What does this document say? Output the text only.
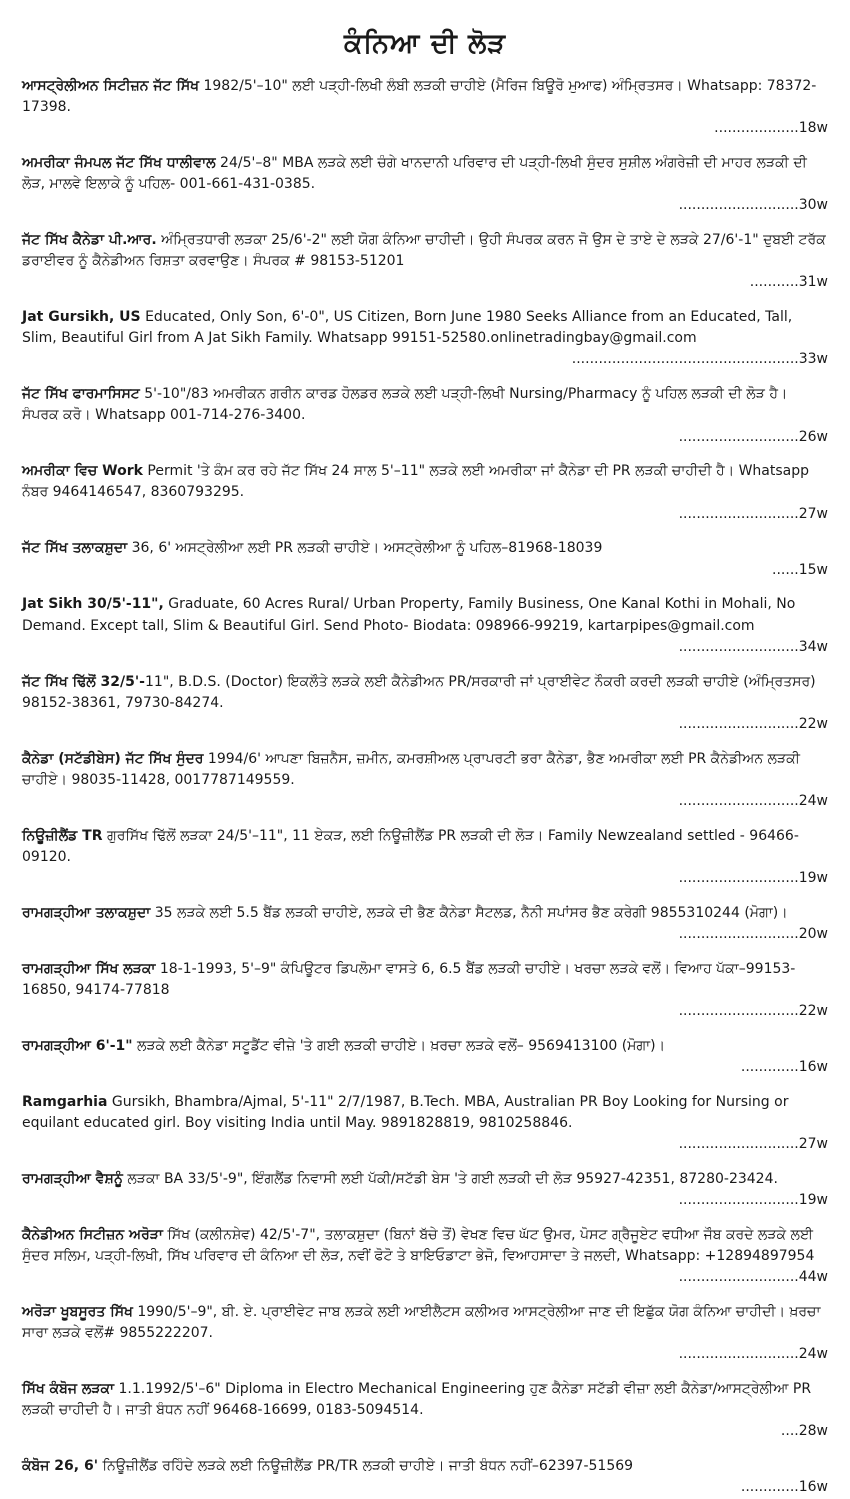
ਕੰਨਿਆ ਦੀ ਲੋੜ

ਆਸਟ੍ਰੇਲੀਅਨ ਸਿਟੀਜ਼ਨ ਜੱਟ ਸਿੱਖ 1982/5'–10" ਲਈ ਪੜ੍ਹੀ-ਲਿਖੀ ਲੰਬੀ ਲੜਕੀ ਚਾਹੀਏ (ਮੈਰਿਜ ਬਿਊਰੋ ਮੁਆਫ) ਅੰਮ੍ਰਿਤਸਰ। Whatsapp: 78372-17398.
...................18w

ਅਮਰੀਕਾ ਜੰਮਪਲ ਜੱਟ ਸਿੱਖ ਧਾਲੀਵਾਲ 24/5'–8" MBA ਲੜਕੇ ਲਈ ਚੰਗੇ ਖਾਨਦਾਨੀ ਪਰਿਵਾਰ ਦੀ ਪੜ੍ਹੀ-ਲਿਖੀ ਸੁੰਦਰ ਸੁਸ਼ੀਲ ਅੰਗਰੇਜ਼ੀ ਦੀ ਮਾਹਰ ਲੜਕੀ ਦੀ ਲੋੜ, ਮਾਲਵੇ ਇਲਾਕੇ ਨੂੰ ਪਹਿਲ- 001-661-431-0385.
...........................30w

ਜੱਟ ਸਿੱਖ ਕੈਨੇਡਾ ਪੀ.ਆਰ. ਅੰਮ੍ਰਿਤਧਾਰੀ ਲੜਕਾ 25/6'-2" ਲਈ ਯੋਗ ਕੰਨਿਆ ਚਾਹੀਦੀ। ਉਹੀ ਸੰਪਰਕ ਕਰਨ ਜੋ ਉਸ ਦੇ ਤਾਏ ਦੇ ਲੜਕੇ 27/6'-1" ਦੁਬਈ ਟਰੱਕ ਡਰਾਈਵਰ ਨੂੰ ਕੈਨੇਡੀਅਨ ਰਿਸ਼ਤਾ ਕਰਵਾਉਣ। ਸੰਪਰਕ # 98153-51201
...........31w

Jat Gursikh, US Educated, Only Son, 6'-0", US Citizen, Born June 1980 Seeks Alliance from an Educated, Tall, Slim, Beautiful Girl from A Jat Sikh Family. Whatsapp 99151-52580.onlinetradingbay@gmail.com
...................................................33w

ਜੱਟ ਸਿੱਖ ਫਾਰਮਾਸਿਸਟ 5'-10"/83 ਅਮਰੀਕਨ ਗਰੀਨ ਕਾਰਡ ਹੋਲਡਰ ਲੜਕੇ ਲਈ ਪੜ੍ਹੀ-ਲਿਖੀ Nursing/Pharmacy ਨੂੰ ਪਹਿਲ ਲੜਕੀ ਦੀ ਲੋੜ ਹੈ। ਸੰਪਰਕ ਕਰੋ। Whatsapp 001-714-276-3400.
...........................26w

ਅਮਰੀਕਾ ਵਿਚ Work Permit 'ਤੇ ਕੰਮ ਕਰ ਰਹੇ ਜੱਟ ਸਿੱਖ 24 ਸਾਲ 5'–11" ਲੜਕੇ ਲਈ ਅਮਰੀਕਾ ਜਾਂ ਕੈਨੇਡਾ ਦੀ PR ਲੜਕੀ ਚਾਹੀਦੀ ਹੈ। Whatsapp ਨੰਬਰ 9464146547, 8360793295.
...........................27w

ਜੱਟ ਸਿੱਖ ਤਲਾਕਸ਼ੁਦਾ 36, 6' ਅਸਟ੍ਰੇਲੀਆ ਲਈ PR ਲੜਕੀ ਚਾਹੀਏ। ਅਸਟ੍ਰੇਲੀਆ ਨੂੰ ਪਹਿਲ–81968-18039
......15w

Jat Sikh 30/5'-11", Graduate, 60 Acres Rural/ Urban Property, Family Business, One Kanal Kothi in Mohali, No Demand. Except tall, Slim & Beautiful Girl. Send Photo- Biodata: 098966-99219, kartarpipes@gmail.com
...........................34w

ਜੱਟ ਸਿੱਖ ਢਿੱਲੋਂ 32/5'-11", B.D.S. (Doctor) ਇਕਲੌਤੇ ਲੜਕੇ ਲਈ ਕੈਨੇਡੀਅਨ PR/ਸਰਕਾਰੀ ਜਾਂ ਪ੍ਰਾਈਵੇਟ ਨੌਕਰੀ ਕਰਦੀ ਲੜਕੀ ਚਾਹੀਏ (ਅੰਮ੍ਰਿਤਸਰ) 98152-38361, 79730-84274.
...........................22w

ਕੈਨੇਡਾ (ਸਟੱਡੀਬੇਸ) ਜੱਟ ਸਿੱਖ ਸੁੰਦਰ 1994/6' ਆਪਣਾ ਬਿਜ਼ਨੈਸ, ਜ਼ਮੀਨ, ਕਮਰਸ਼ੀਅਲ ਪ੍ਰਾਪਰਟੀ ਭਰਾ ਕੈਨੇਡਾ, ਭੈਣ ਅਮਰੀਕਾ ਲਈ PR ਕੈਨੇਡੀਅਨ ਲੜਕੀ ਚਾਹੀਏ। 98035-11428, 0017787149559.
...........................24w

ਨਿਊਜ਼ੀਲੈਂਡ TR ਗੁਰਸਿੱਖ ਢਿੱਲੋਂ ਲੜਕਾ 24/5'–11", 11 ਏਕੜ, ਲਈ ਨਿਊਜ਼ੀਲੈਂਡ PR ਲੜਕੀ ਦੀ ਲੋੜ। Family Newzealand settled - 96466-09120.
...........................19w

ਰਾਮਗੜ੍ਹੀਆ ਤਲਾਕਸ਼ੁਦਾ 35 ਲੜਕੇ ਲਈ 5.5 ਬੈਂਡ ਲੜਕੀ ਚਾਹੀਏ, ਲੜਕੇ ਦੀ ਭੈਣ ਕੈਨੇਡਾ ਸੈਟਲਡ, ਨੈਨੀ ਸਪਾਂਸਰ ਭੈਣ ਕਰੇਗੀ 9855310244 (ਮੋਗਾ)।
...........................20w

ਰਾਮਗੜ੍ਹੀਆ ਸਿੱਖ ਲੜਕਾ 18-1-1993, 5'–9" ਕੰਪਿਊਟਰ ਡਿਪਲੋਮਾ ਵਾਸਤੇ 6, 6.5 ਬੈਂਡ ਲੜਕੀ ਚਾਹੀਏ। ਖਰਚਾ ਲੜਕੇ ਵਲੋਂ। ਵਿਆਹ ਪੱਕਾ–99153-16850, 94174-77818
...........................22w

ਰਾਮਗੜ੍ਹੀਆ 6'-1" ਲੜਕੇ ਲਈ ਕੈਨੇਡਾ ਸਟੂਡੈਂਟ ਵੀਜ਼ੇ 'ਤੇ ਗਈ ਲੜਕੀ ਚਾਹੀਏ। ਖ਼ਰਚਾ ਲੜਕੇ ਵਲੋਂ– 9569413100 (ਮੋਗਾ)।
.............16w

Ramgarhia Gursikh, Bhambra/Ajmal, 5'-11" 2/7/1987, B.Tech. MBA, Australian PR Boy Looking for Nursing or equilant educated girl. Boy visiting India until May. 9891828819, 9810258846.
...........................27w

ਰਾਮਗੜ੍ਹੀਆ ਵੈਸ਼ਨੂੰ ਲੜਕਾ BA 33/5'-9", ਇੰਗਲੈਂਡ ਨਿਵਾਸੀ ਲਈ ਪੱਕੀ/ਸਟੱਡੀ ਬੇਸ 'ਤੇ ਗਈ ਲੜਕੀ ਦੀ ਲੋੜ 95927-42351, 87280-23424.
...........................19w

ਕੈਨੇਡੀਅਨ ਸਿਟੀਜ਼ਨ ਅਰੋੜਾ ਸਿੱਖ (ਕਲੀਨਸ਼ੇਵ) 42/5'-7", ਤਲਾਕਸ਼ੁਦਾ (ਬਿਨਾਂ ਬੱਚੇ ਤੋਂ) ਵੇਖਣ ਵਿਚ ਘੱਟ ਉਮਰ, ਪੋਸਟ ਗ੍ਰੈਜੂਏਟ ਵਧੀਆ ਜੌਬ ਕਰਦੇ ਲੜਕੇ ਲਈ ਸੁੰਦਰ ਸਲਿਮ, ਪੜ੍ਹੀ-ਲਿਖੀ, ਸਿੱਖ ਪਰਿਵਾਰ ਦੀ ਕੰਨਿਆ ਦੀ ਲੋੜ, ਨਵੀਂ ਫੋਟੋ ਤੇ ਬਾਇਓਡਾਟਾ ਭੇਜੋ, ਵਿਆਹਸਾਦਾ ਤੇ ਜਲਦੀ, Whatsapp: +12894897954
...........................44w

ਅਰੋੜਾ ਖੂਬਸੂਰਤ ਸਿੱਖ 1990/5'–9", ਬੀ. ਏ. ਪ੍ਰਾਈਵੇਟ ਜਾਬ ਲੜਕੇ ਲਈ ਆਈਲੈਟਸ ਕਲੀਅਰ ਆਸਟ੍ਰੇਲੀਆ ਜਾਣ ਦੀ ਇਛੁੱਕ ਯੋਗ ਕੰਨਿਆ ਚਾਹੀਦੀ। ਖ਼ਰਚਾ ਸਾਰਾ ਲੜਕੇ ਵਲੋਂ# 9855222207.
...........................24w

ਸਿੱਖ ਕੰਬੋਜ ਲੜਕਾ 1.1.1992/5'–6" Diploma in Electro Mechanical Engineering ਹੁਣ ਕੈਨੇਡਾ ਸਟੱਡੀ ਵੀਜ਼ਾ ਲਈ ਕੈਨੇਡਾ/ਆਸਟ੍ਰੇਲੀਆ PR ਲੜਕੀ ਚਾਹੀਦੀ ਹੈ। ਜਾਤੀ ਬੰਧਨ ਨਹੀਂ 96468-16699, 0183-5094514.
....28w

ਕੰਬੋਜ 26, 6' ਨਿਊਜ਼ੀਲੈਂਡ ਰਹਿੰਦੇ ਲੜਕੇ ਲਈ ਨਿਊਜ਼ੀਲੈਂਡ PR/TR ਲੜਕੀ ਚਾਹੀਏ। ਜਾਤੀ ਬੰਧਨ ਨਹੀਂ–62397-51569
.............16w
